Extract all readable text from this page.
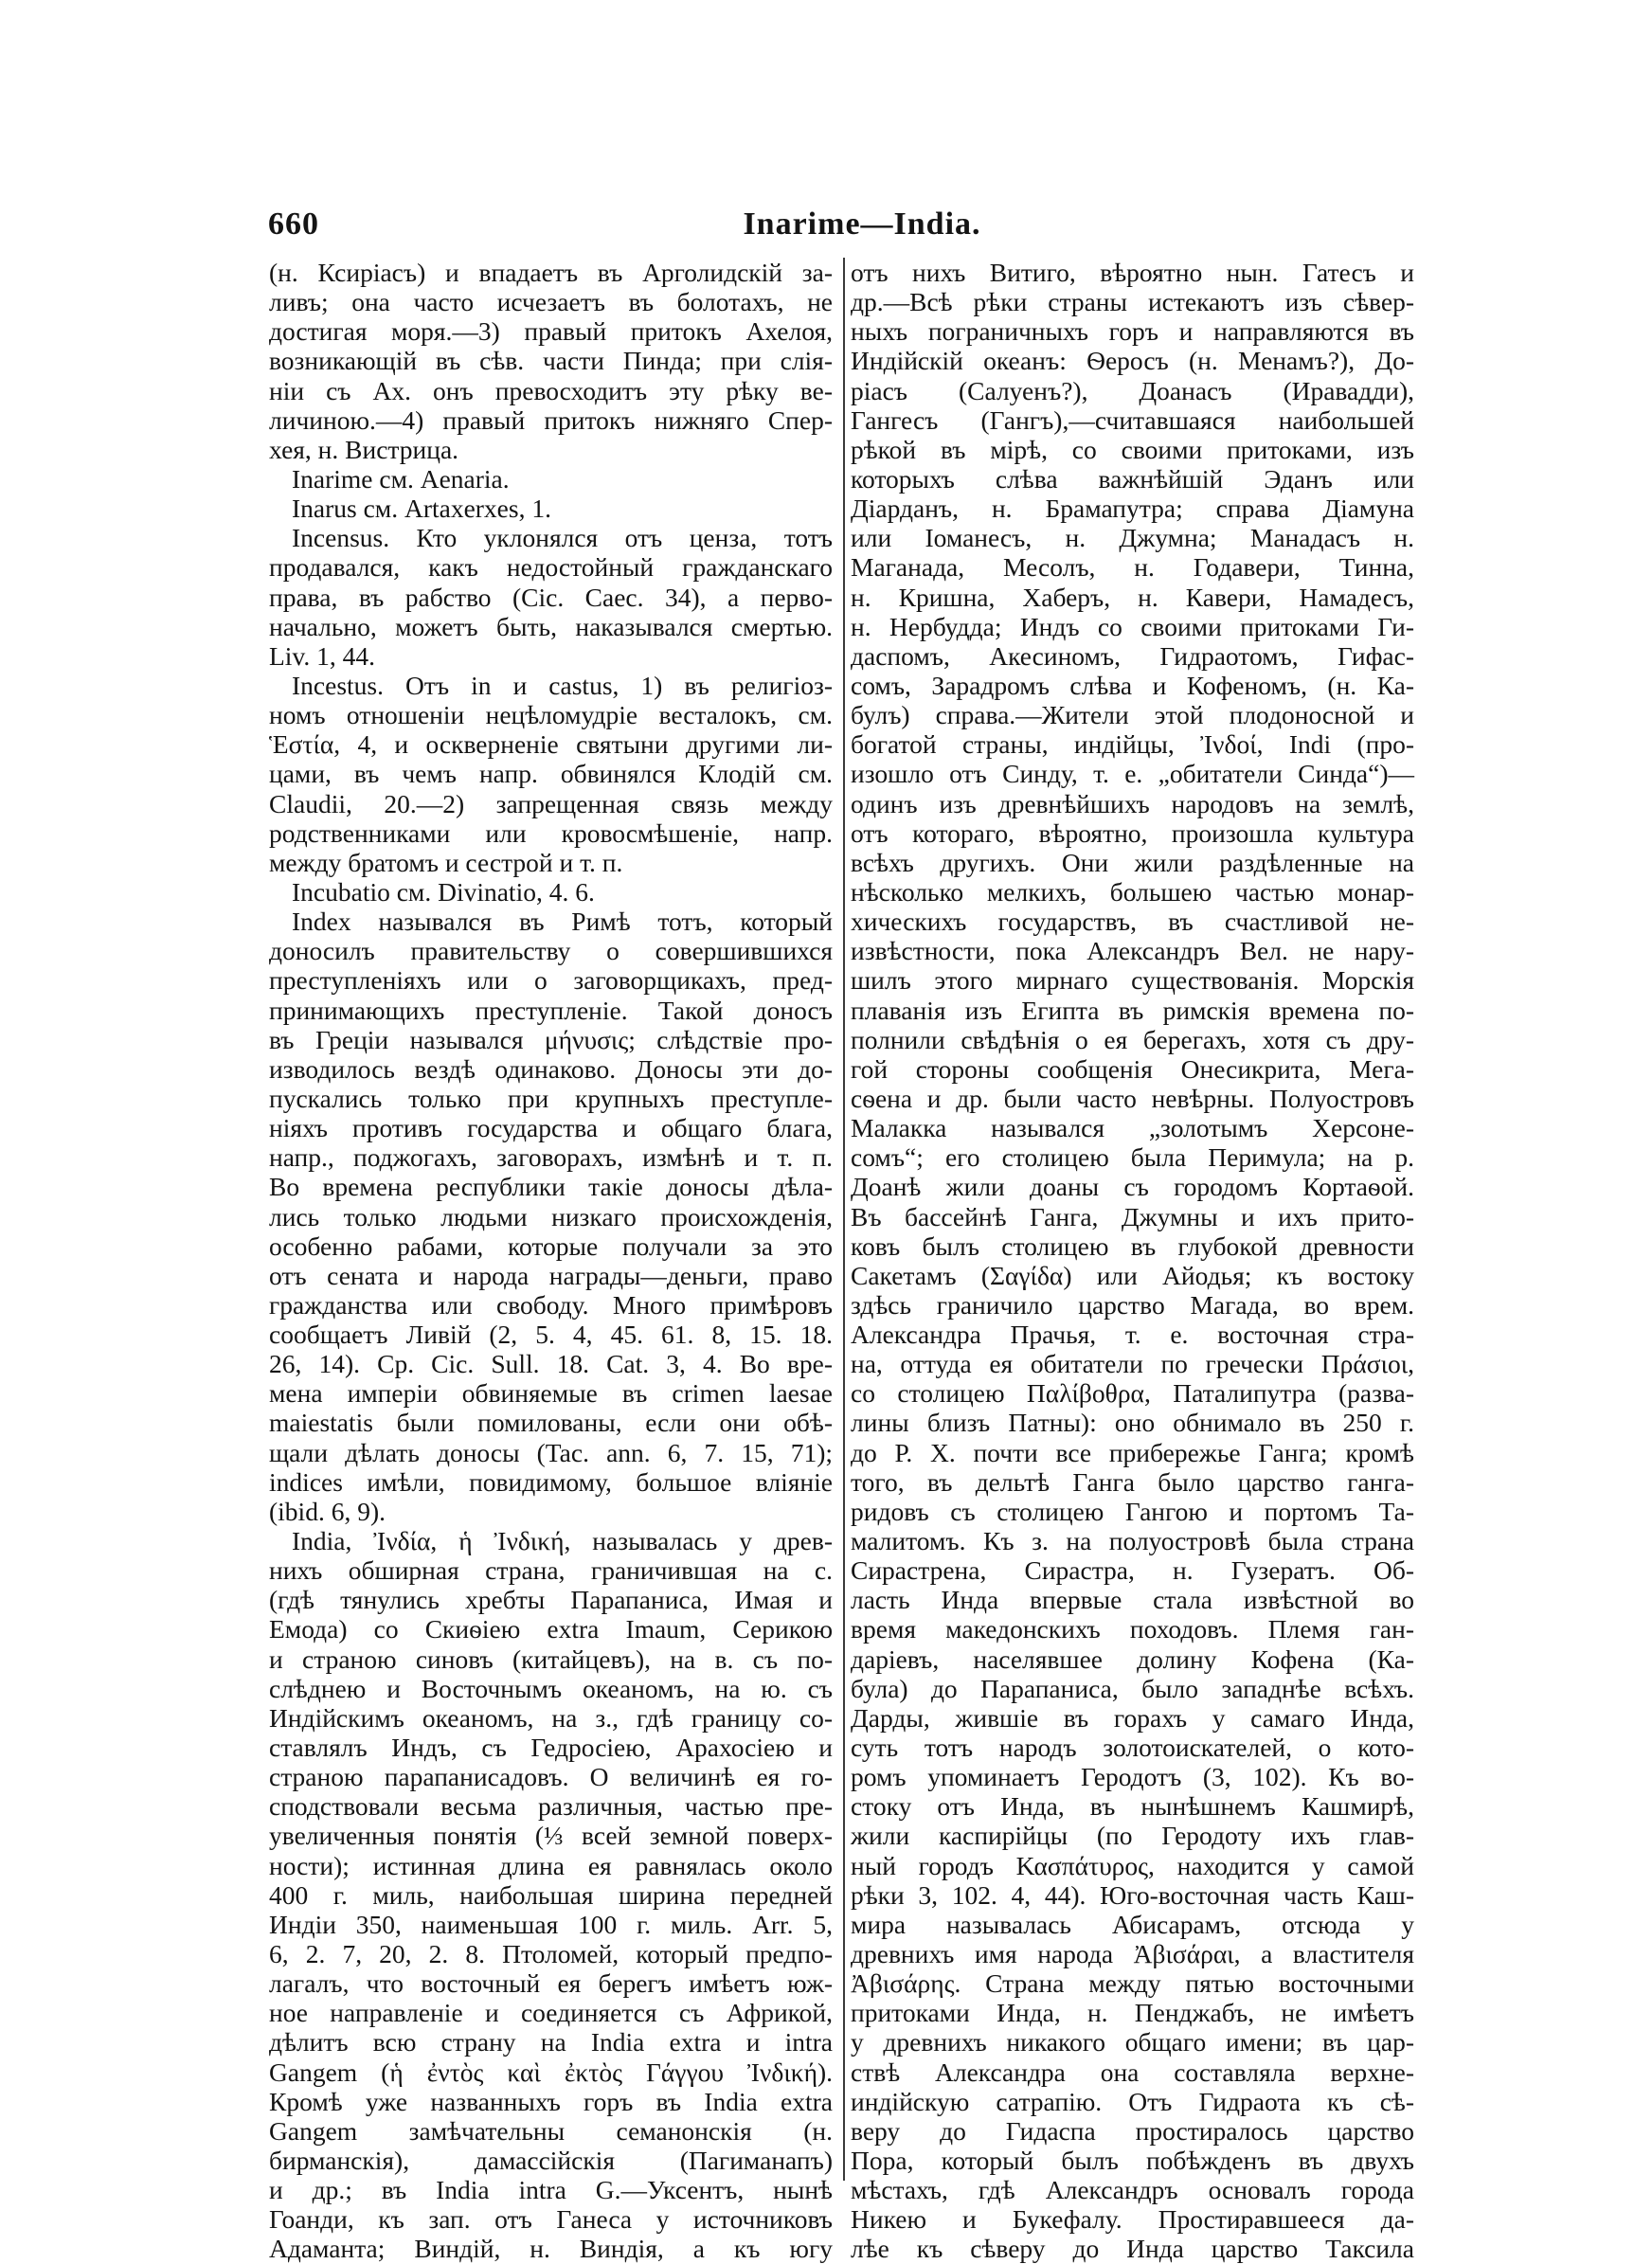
660	Inarime—India.
(н. Ксиріасъ) и впадаетъ въ Арголидскій за-
ливъ; она часто исчезаетъ въ болотахъ, не
достигая моря.—3) правый притокъ Ахелоя,
возникающій въ сѣв. части Пинда; при слія-
ніи съ Ах. онъ превосходитъ эту рѣку ве-
личиною.—4) правый притокъ нижняго Спер-
хея, н. Вистрица.
Inarime см. Aenaria.
Inarus см. Artaxerxes, 1.
Incensus. Кто уклонялся отъ ценза, тотъ
продавался, какъ недостойный гражданскаго
права, въ рабство (Cic. Caec. 34), а перво-
начально, можетъ быть, наказывался смертью.
Liv. 1, 44.
Incestus. Отъ in и castus, 1) въ религіоз-
номъ отношеніи нецѣломудріе весталокъ, см.
Ἑστία, 4, и оскверненіе святыни другими ли-
цами, въ чемъ напр. обвинялся Клодій см.
Claudii, 20.—2) запрещенная связь между
родственниками или кровосмѣшеніе, напр.
между братомъ и сестрой и т. п.
Incubatio см. Divinatio, 4. 6.
Index назывался въ Римѣ тотъ, который
доносилъ правительству о совершившихся
преступленіяхъ или о заговорщикахъ, пред-
принимающихъ преступленіе. Такой доносъ
въ Греціи назывался μήνυσις; слѣдствіе про-
изводилось вездѣ одинаково. Доносы эти до-
пускались только при крупныхъ преступле-
ніяхъ противъ государства и общаго блага,
напр., поджогахъ, заговорахъ, измѣнѣ и т. п.
Во времена республики такіе доносы дѣла-
лись только людьми низкаго происхожденія,
особенно рабами, которые получали за это
отъ сената и народа награды—деньги, право
гражданства или свободу. Много примѣровъ
сообщаетъ Ливій (2, 5. 4, 45. 61. 8, 15. 18.
26, 14). Ср. Cic. Sull. 18. Cat. 3, 4. Во вре-
мена имперіи обвиняемые въ crimen laesae
maiestatis были помилованы, если они обѣ-
щали дѣлать доносы (Tac. ann. 6, 7. 15, 71);
indices имѣли, повидимому, большое вліяніе
(ibid. 6, 9).
India, Ἰνδία, ἡ Ἰνδική, называлась у древ-
нихъ обширная страна, граничившая на с.
(гдѣ тянулись хребты Парапаниса, Имая и
Емода) со Скиѳіею extra Imaum, Серикою
и страною синовъ (китайцевъ), на в. съ по-
слѣднею и Восточнымъ океаномъ, на ю. съ
Индійскимъ океаномъ, на з., гдѣ границу со-
ставлялъ Индъ, съ Гедросіею, Арахосіею и
страною парапанисадовъ. О величинѣ ея го-
сподствовали весьма различныя, частью пре-
увеличенныя понятія (⅓ всей земной поверх-
ности); истинная длина ея равнялась около
400 г. миль, наибольшая ширина передней
Индіи 350, наименьшая 100 г. миль. Arr. 5,
6, 2. 7, 20, 2. 8. Птоломей, который предпо-
лагалъ, что восточный ея берегъ имѣетъ юж-
ное направленіе и соединяется съ Африкой,
дѣлитъ всю страну на India extra и intra
Gangem (ἡ ἐντὸς καὶ ἐκτὸς Γάγγου Ἰνδική).
Кромѣ уже названныхъ горъ въ India extra
Gangem замѣчательны семанонскія (н.
бирманскія), дамассійскія (Пагиманапъ)
и др.; въ India intra G.—Уксентъ, нынѣ
Гоанди, къ зап. отъ Ганеса у источниковъ
Адаманта; Виндій, н. Виндія, а къ югу
отъ нихъ Витиго, вѣроятно нын. Гатесъ и
др.—Всѣ рѣки страны истекаютъ изъ сѣвер-
ныхъ пограничныхъ горъ и направляются въ
Индійскій океанъ: Ѳеросъ (н. Менамъ?), До-
ріасъ (Салуенъ?), Доанасъ (Иравадди),
Гангесъ (Гангъ),—считавшаяся наибольшей
рѣкой въ мірѣ, со своими притоками, изъ
которыхъ слѣва важнѣйшій Эданъ или
Діарданъ, н. Брамапутра; справа Діамуна
или Іоманесъ, н. Джумна; Манадасъ н.
Маганада, Месолъ, н. Годавери, Тинна,
н. Кришна, Хаберъ, н. Кавери, Намадесъ,
н. Нербудда; Индъ со своими притоками Ги-
даспомъ, Акесиномъ, Гидраотомъ, Гифас-
сомъ, Зарадромъ слѣва и Кофеномъ, (н. Ка-
булъ) справа.—Жители этой плодоносной и
богатой страны, индійцы, Ἰνδοί, Indi (про-
изошло отъ Синду, т. е. „обитатели Синда“)—
одинъ изъ древнѣйшихъ народовъ на землѣ,
отъ котораго, вѣроятно, произошла культура
всѣхъ другихъ. Они жили раздѣленные на
нѣсколько мелкихъ, большею частью монар-
хическихъ государствъ, въ счастливой не-
извѣстности, пока Александръ Вел. не нару-
шилъ этого мирнаго существованія. Морскія
плаванія изъ Египта въ римскія времена по-
полнили свѣдѣнія о ея берегахъ, хотя съ дру-
гой стороны сообщенія Онесикрита, Мега-
сѳена и др. были часто невѣрны. Полуостровъ
Малакка назывался „золотымъ Херсоне-
сомъ“; его столицею была Перимула; на р.
Доанѣ жили доаны съ городомъ Кортаѳой.
Въ бассейнѣ Ганга, Джумны и ихъ прито-
ковъ былъ столицею въ глубокой древности
Сакетамъ (Σαγίδα) или Айодья; къ востоку
здѣсь граничило царство Магада, во врем.
Александра Прачья, т. е. восточная стра-
на, оттуда ея обитатели по гречески Πράσιοι,
со столицею Παλίβοθρα, Паталипутра (разва-
лины близъ Патны): оно обнимало въ 250 г.
до Р. Х. почти все прибережье Ганга; кромѣ
того, въ дельтѣ Ганга было царство ганга-
ридовъ съ столицею Гангою и портомъ Та-
малитомъ. Къ з. на полуостровѣ была страна
Сирастрена, Сирастра, н. Гузератъ. Об-
ласть Инда впервые стала извѣстной во
время македонскихъ походовъ. Племя ган-
даріевъ, населявшее долину Кофена (Ка-
була) до Парапаниса, было западнѣе всѣхъ.
Дарды, жившіе въ горахъ у самаго Инда,
суть тотъ народъ золотоискателей, о кото-
ромъ упоминаетъ Геродотъ (3, 102). Къ во-
стоку отъ Инда, въ нынѣшнемъ Кашмирѣ,
жили каспирійцы (по Геродоту ихъ глав-
ный городъ Κασπάτυρος, находится у самой
рѣки 3, 102. 4, 44). Юго-восточная часть Каш-
мира называлась Абисарамъ, отсюда у
древнихъ имя народа Ἀβισάραι, а властителя
Ἀβισάρης. Страна между пятью восточными
притоками Инда, н. Пенджабъ, не имѣетъ
у древнихъ никакого общаго имени; въ цар-
ствѣ Александра она составляла верхне-
индійскую сатрапію. Отъ Гидраота къ сѣ-
веру до Гидаспа простиралось царство
Пора, который былъ побѣжденъ въ двухъ
мѣстахъ, гдѣ Александръ основалъ города
Никею и Букефалу. Простиравшееся да-
лѣе къ сѣверу до Инда царство Таксила
